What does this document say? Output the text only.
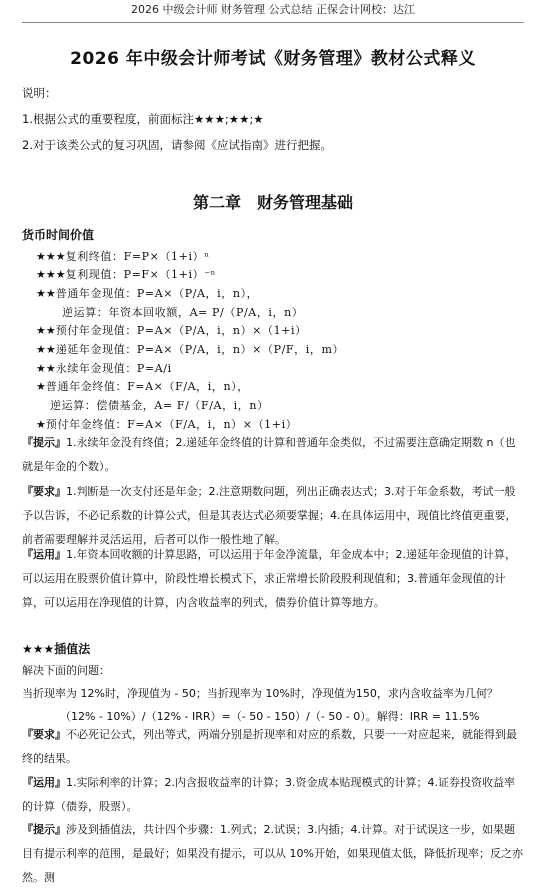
2026 中级会计师 财务管理 公式总结 正保会计网校：达江
2026 年中级会计师考试《财务管理》教材公式释义
说明：
1.根据公式的重要程度，前面标注★★★;★★;★
2.对于该类公式的复习巩固，请参阅《应试指南》进行把握。
第二章　财务管理基础
货币时间价值
★★★复利终值：F=P×（1+i）ⁿ
★★★复利现值：P=F×（1+i）⁻ⁿ
★★普通年金现值：P=A×（P/A，i，n），
逆运算：年资本回收额，A= P/（P/A，i，n）
★★预付年金现值：P=A×（P/A，i，n）×（1+i）
★★递延年金现值：P=A×（P/A，i，n）×（P/F，i，m）
★★永续年金现值：P=A/i
★普通年金终值：F=A×（F/A，i，n），
逆运算：偿债基金，A= F/（F/A，i，n）
★预付年金终值：F=A×（F/A，i，n）×（1+i）
『提示』1.永续年金没有终值；2.递延年金终值的计算和普通年金类似，不过需要注意确定期数 n（也就是年金的个数）。
『要求』1.判断是一次支付还是年金；2.注意期数问题，列出正确表达式；3.对于年金系数，考试一般予以告诉，不必记系数的计算公式，但是其表达式必须要掌握；4.在具体运用中，现值比终值更重要，前者需要理解并灵活运用，后者可以作一般性地了解。
『运用』1.年资本回收额的计算思路，可以运用于年金净流量，年金成本中；2.递延年金现值的计算，可以运用在股票价值计算中，阶段性增长模式下，求正常增长阶段股利现值和；3.普通年金现值的计算，可以运用在净现值的计算，内含收益率的列式，债券价值计算等地方。
★★★插值法
解决下面的问题：
当折现率为 12%时，净现值为 - 50；当折现率为 10%时，净现值为150，求内含收益率为几何？
（12% - 10%）/（12% - IRR）=（- 50 - 150）/（- 50 - 0）。解得：IRR = 11.5%
『要求』不必死记公式，列出等式，两端分别是折现率和对应的系数，只要一一对应起来，就能得到最终的结果。
『运用』1.实际利率的计算；2.内含报收益率的计算；3.资金成本贴现模式的计算；4.证券投资收益率的计算（债券，股票）。
『提示』涉及到插值法，共计四个步骤：1.列式；2.试误；3.内插；4.计算。对于试误这一步，如果题目有提示利率的范围，是最好；如果没有提示，可以从 10%开始，如果现值太低，降低折现率；反之亦然。测
